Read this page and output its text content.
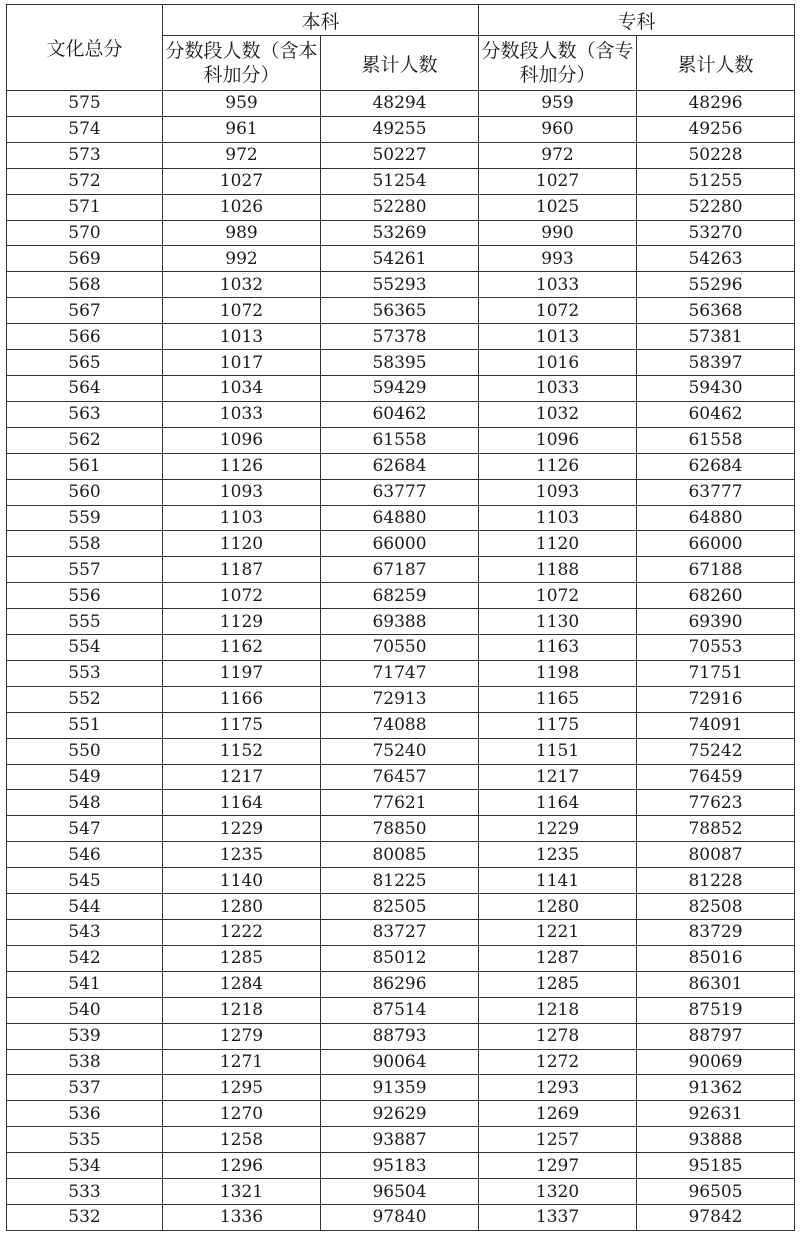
文化总分	本科		专科	
	分数段人数（含本科加分）	累计人数	分数段人数（含专科加分）	累计人数
575	959	48294	959	48296
574	961	49255	960	49256
573	972	50227	972	50228
572	1027	51254	1027	51255
571	1026	52280	1025	52280
570	989	53269	990	53270
569	992	54261	993	54263
568	1032	55293	1033	55296
567	1072	56365	1072	56368
566	1013	57378	1013	57381
565	1017	58395	1016	58397
564	1034	59429	1033	59430
563	1033	60462	1032	60462
562	1096	61558	1096	61558
561	1126	62684	1126	62684
560	1093	63777	1093	63777
559	1103	64880	1103	64880
558	1120	66000	1120	66000
557	1187	67187	1188	67188
556	1072	68259	1072	68260
555	1129	69388	1130	69390
554	1162	70550	1163	70553
553	1197	71747	1198	71751
552	1166	72913	1165	72916
551	1175	74088	1175	74091
550	1152	75240	1151	75242
549	1217	76457	1217	76459
548	1164	77621	1164	77623
547	1229	78850	1229	78852
546	1235	80085	1235	80087
545	1140	81225	1141	81228
544	1280	82505	1280	82508
543	1222	83727	1221	83729
542	1285	85012	1287	85016
541	1284	86296	1285	86301
540	1218	87514	1218	87519
539	1279	88793	1278	88797
538	1271	90064	1272	90069
537	1295	91359	1293	91362
536	1270	92629	1269	92631
535	1258	93887	1257	93888
534	1296	95183	1297	95185
533	1321	96504	1320	96505
532	1336	97840	1337	97842
